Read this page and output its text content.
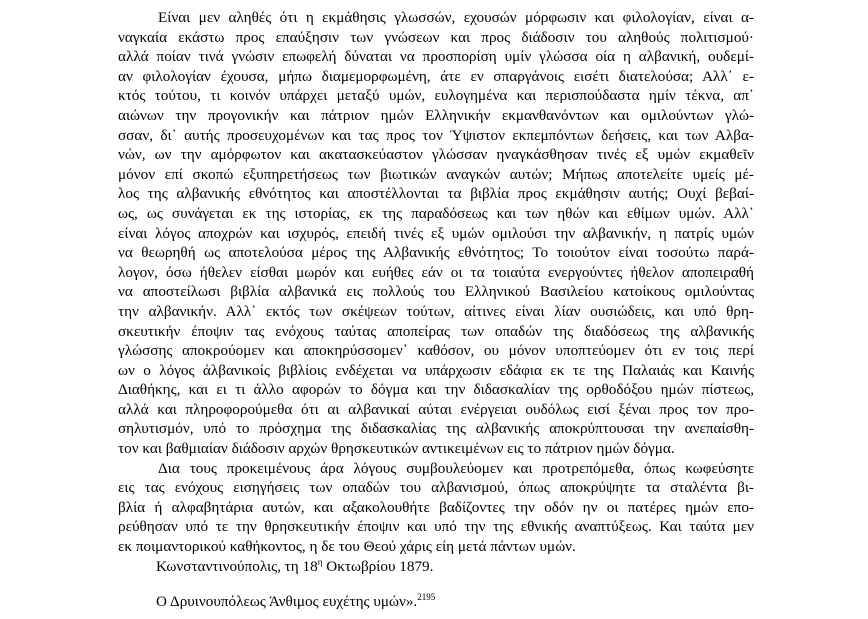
Είναι μεν αληθές ότι η εκμάθησις γλωσσών, εχουσών μόρφωσιν και φιλολογίαν, είναι α-
ναγκαία εκάστω προς επαύξησιν των γνώσεων και προς διάδοσιν του αληθούς πολιτισμού·
αλλά ποίαν τινά γνώσιν επωφελή δύναται να προσπορίση υμίν γλώσσα οία η αλβανική, ουδεμί-
αν φιλολογίαν έχουσα, μήπω διαμεμορφωμένη, άτε εν σπαργάνοις εισέτι διατελούσα; Αλλ᾽ ε-
κτός τούτου, τι κοινόν υπάρχει μεταξύ υμών, ευλογημένα και περισπούδαστα ημίν τέκνα, απ᾽
αιώνων την προγονικήν και πάτριον ημών Ελληνικήν εκμανθανόντων και ομιλούντων γλώ-
σσαν, δι᾽ αυτής προσευχομένων και τας προς τον Ύψιστον εκπεμπόντων δεήσεις, και των Αλβα-
νών, ων την αμόρφωτον και ακατασκεύαστον γλώσσαν ηναγκάσθησαν τινές εξ υμών εκμαθεῖν
μόνον επί σκοπώ εξυπηρετήσεως των βιωτικών αναγκών αυτών; Μήπως αποτελείτε υμείς μέ-
λος της αλβανικής εθνότητος και αποστέλλονται τα βιβλία προς εκμάθησιν αυτής; Ουχί βεβαί-
ως, ως συνάγεται εκ της ιστορίας, εκ της παραδόσεως και των ηθών και εθίμων υμών. Αλλ᾽
είναι λόγος αποχρών και ισχυρός, επειδή τινές εξ υμών ομιλούσι την αλβανικήν, η πατρίς υμών
να θεωρηθή ως αποτελούσα μέρος της Αλβανικής εθνότητος; Το τοιούτον είναι τοσούτω παρά-
λογον, όσω ήθελεν είσθαι μωρόν και ευήθες εάν οι τα τοιαύτα ενεργούντες ήθελον αποπειραθή
να αποστείλωσι βιβλία αλβανικά εις πολλούς του Ελληνικού Βασιλείου κατοίκους ομιλούντας
την αλβανικήν. Αλλ᾽ εκτός των σκέψεων τούτων, αίτινες είναι λίαν ουσιώδεις, και υπό θρη-
σκευτικήν έποψιν τας ενόχους ταύτας αποπείρας των οπαδών της διαδόσεως της αλβανικής
γλώσσης αποκρούομεν και αποκηρύσσομεν᾽ καθόσον, ου μόνον υποπτεύομεν ότι εν τοις περί
ων ο λόγος άλβανικοίς βιβλίοις ενδέχεται να υπάρχωσιν εδάφια εκ τε της Παλαιάς και Καινής
Διαθήκης, και ει τι άλλο αφορών το δόγμα και την διδασκαλίαν της ορθοδόξου ημών πίστεως,
αλλά και πληροφορούμεθα ότι αι αλβανικαί αύται ενέργειαι ουδόλως εισί ξέναι προς τον προ-
σηλυτισμόν, υπό το πρόσχημα της διδασκαλίας της αλβανικής αποκρύπτουσαι την ανεπαίσθη-
τον και βαθμιαίαν διάδοσιν αρχών θρησκευτικών αντικειμένων εις το πάτριον ημών δόγμα.
Δια τους προκειμένους άρα λόγους συμβουλεύομεν και προτρεπόμεθα, όπως κωφεύσητε
εις τας ενόχους εισηγήσεις των οπαδών του αλβανισμού, όπως αποκρύψητε τα σταλέντα βι-
βλία ή αλφαβητάρια αυτών, και αξακολουθήτε βαδίζοντες την οδόν ην οι πατέρες ημών επο-
ρεύθησαν υπό τε την θρησκευτικήν έποψιν και υπό την της εθνικής αναπτύξεως. Και ταύτα μεν
εκ ποιμαντορικού καθήκοντος, η δε του Θεού χάρις είη μετά πάντων υμών.
Κωνσταντινούπολις, τη $18^\eta$ Οκτωβρίου 1879.
Ο Δρυινουπόλεως Άνθιμος ευχέτης υμών».$^{2195}$
